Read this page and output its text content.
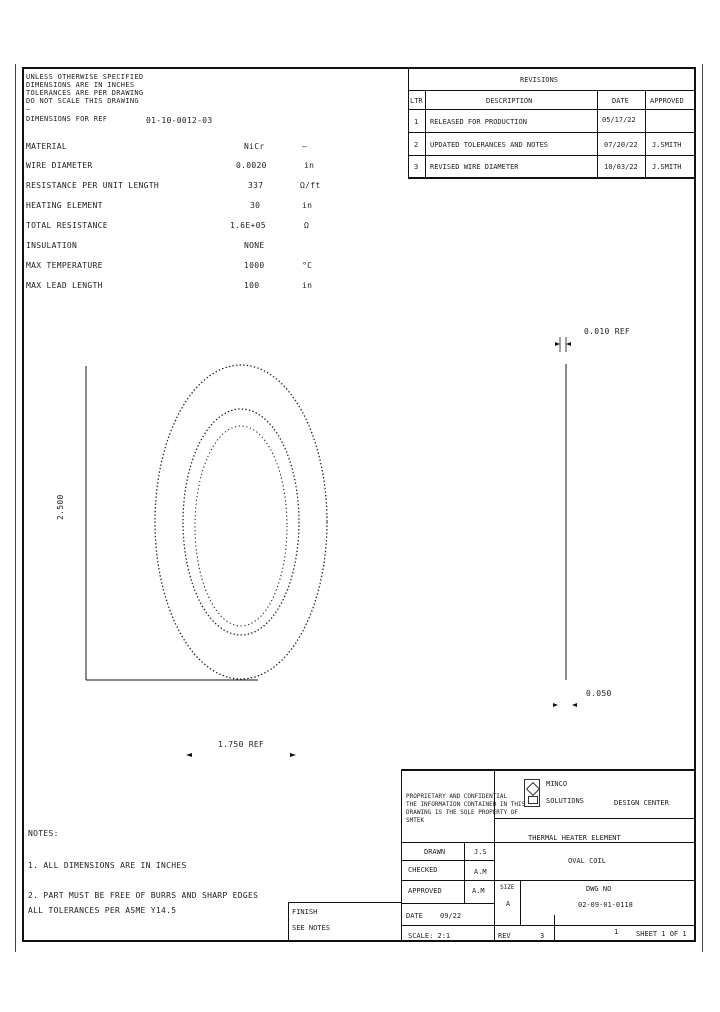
UNLESS OTHERWISE SPECIFIED
DIMENSIONS ARE IN INCHES
TOLERANCES ARE PER DRAWING
DO NOT SCALE THIS DRAWING
—
DIMENSIONS FOR REF	01-10-0012-03
MATERIAL	NiCr	—
WIRE DIAMETER	0.0020	in
RESISTANCE PER UNIT LENGTH	337	Ω/ft
HEATING ELEMENT	30	in
TOTAL RESISTANCE	1.6E+05	Ω
INSULATION	NONE
MAX TEMPERATURE	1000	°C
MAX LEAD LENGTH	100	in
REVISIONS
LTR	DESCRIPTION	DATE	APPROVED
1 RELEASED FOR PRODUCTION	05/17/22
2 UPDATED TOLERANCES AND NOTES	07/20/22 J.SMITH
3 REVISED WIRE DIAMETER	10/03/22 J.SMITH
0.010 REF
2.500
1.750 REF
0.050
NOTES:
1. ALL DIMENSIONS ARE IN INCHES
2. PART MUST BE FREE OF BURRS AND SHARP EDGES
ALL TOLERANCES PER ASME Y14.5	FINISH
SEE NOTES
PROPRIETARY AND CONFIDENTIAL
THE INFORMATION CONTAINED IN THIS
DRAWING IS THE SOLE PROPERTY OF
SMTEK
MINCO
SOLUTIONS	DESIGN CENTER
THERMAL HEATER ELEMENT
OVAL COIL
DRAWN	J.S
CHECKED	A.M
APPROVED	A.M	SIZE
A
DWG NO
02-09-01-0118
DATE 09/22
SCALE: 2:1	REV	3	1	SHEET 1 OF 1
